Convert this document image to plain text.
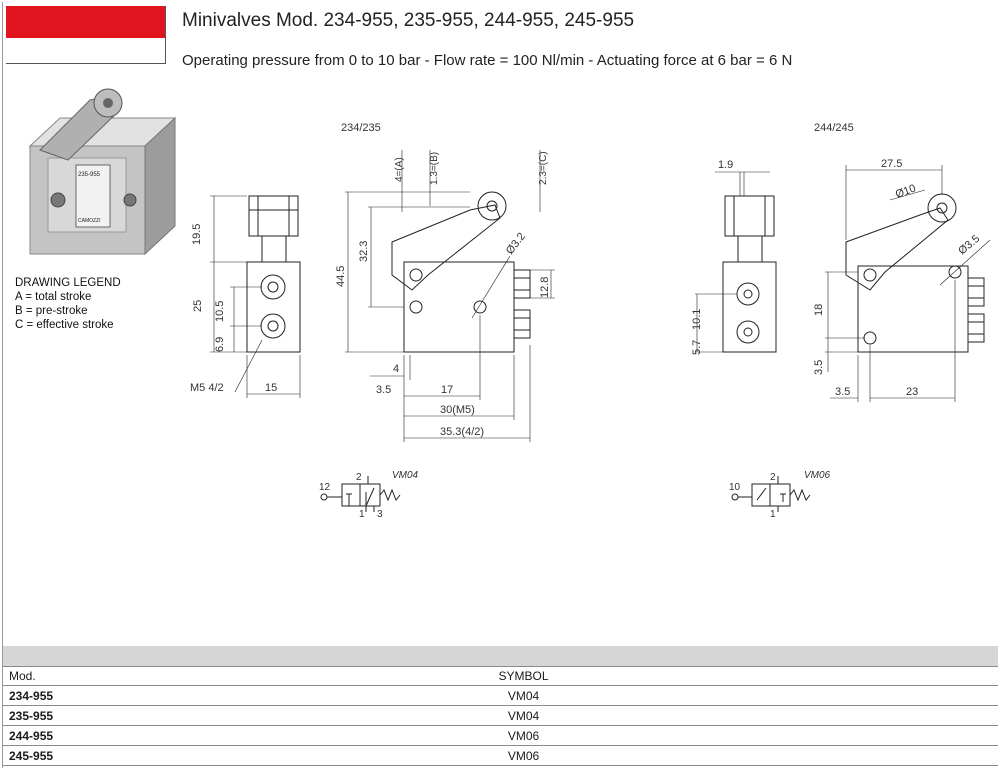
Minivalves Mod. 234-955, 235-955, 244-955, 245-955
Operating pressure from 0 to 10 bar - Flow rate = 100 Nl/min - Actuating force at 6 bar = 6 N
235-955
CAMOZZI
234/235
19.5
25 10.5
6.9
M5 4/2	15
44.5
32.3
4=(A) 1.3=(B)	2.3=(C)
Ø3.2
12.8
4
3.5	17
30(M5)
35.3(4/2)
12
2
1 3
VM04
244/245
1.9
10.1
5.7
27.5
Ø10
Ø3.5
18
3.5
3.5	23
10
2
1
VM06
DRAWING LEGEND
A = total stroke
B = pre-stroke
C = effective stroke
Mod.	SYMBOL
234-955	VM04
235-955	VM04
244-955	VM06
245-955	VM06
